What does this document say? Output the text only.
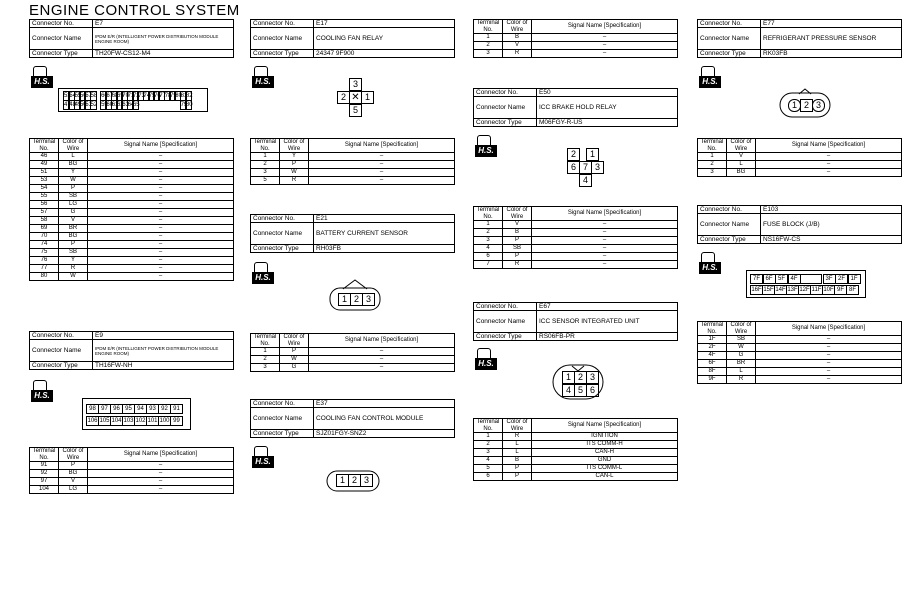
ENGINE CONTROL SYSTEM
Connector No.	E7
Connector Name	IPDM E/R (INTELLIGENT POWER DISTRIBUTION MODULE ENGINE ROOM)
Connector Type	TH20FW-CS12-M4
H.S.
53
54
55
56
57
58 66
67
68
69
70
71
72
73
74
75
76
77
78
79
80
81
82
47
48
49
50
51
52 59
60
61
62
63
64
65	79
80
Terminal No.	Color of Wire	Signal Name [Specification]
46	L	–
49	BG	–
51	Y	–
53	W	–
54	P	–
55	SB	–
56	LG	–
57	G	–
58	V	–
69	BR	–
70	BG	–
74	P	–
75	SB	–
76	Y	–
77	R	–
80	W	–
Connector No.	E9
Connector Name	IPDM E/R (INTELLIGENT POWER DISTRIBUTION MODULE ENGINE ROOM)
Connector Type	TH16FW-NH
H.S.
98 97 96 95 94 93 92 91
106 105 104 103 102 101 100 99
Terminal No.	Color of Wire	Signal Name [Specification]
91	P	–
92	BG	–
97	V	–
104	LG	–
Connector No.	E17
Connector Name	COOLING FAN RELAY
Connector Type	24347 9F900
H.S.	3
2 ✕ 1
5
Terminal No.	Color of Wire	Signal Name [Specification]
1	Y	–
2	P	–
3	W	–
5	R	–
Connector No.	E21
Connector Name	BATTERY CURRENT SENSOR
Connector Type	RH03FB
H.S.
1 2 3
Terminal No.	Color of Wire	Signal Name [Specification]
1	P	–
2	W	–
3	G	–
Connector No.	E37
Connector Name	COOLING FAN CONTROL MODULE
Connector Type	SJZ01FGY-SNZ2
H.S.
1 2 3
Terminal No.	Color of Wire	Signal Name [Specification]
1	B	–
2	V	–
3	R	–
Connector No.	E50
Connector Name	ICC BRAKE HOLD RELAY
Connector Type	M06FGY-R-US
H.S.	2	1
6 7 3
4
Terminal No.	Color of Wire	Signal Name [Specification]
1	V	–
2	B	–
3	P	–
4	SB	–
6	P	–
7	R	–
Connector No.	E67
Connector Name	ICC SENSOR INTEGRATED UNIT
Connector Type	RS06FB-PR
H.S.
1 2 3
4 5 6
Terminal No.	Color of Wire	Signal Name [Specification]
1	R	IGNITION
2	L	ITS COMM-H
3	L	CAN-H
4	B	GND
5	P	ITS COMM-L
6	P	CAN-L
Connector No.	E77
Connector Name	REFRIGERANT PRESSURE SENSOR
Connector Type	RK03FB
H.S.
1 2 3
Terminal No.	Color of Wire	Signal Name [Specification]
1	V	–
2	L	–
3	BG	–
Connector No.	E103
Connector Name	FUSE BLOCK (J/B)
Connector Type	NS16FW-CS
H.S.
7F 6F 5F 4F	3F 2F 1F
16F 15F 14F 13F 12F 11F 10F 9F 8F
Terminal No.	Color of Wire	Signal Name [Specification]
1F	SB	–
2F	W	–
4F	G	–
6F	BR	–
8F	L	–
9F	R	–
